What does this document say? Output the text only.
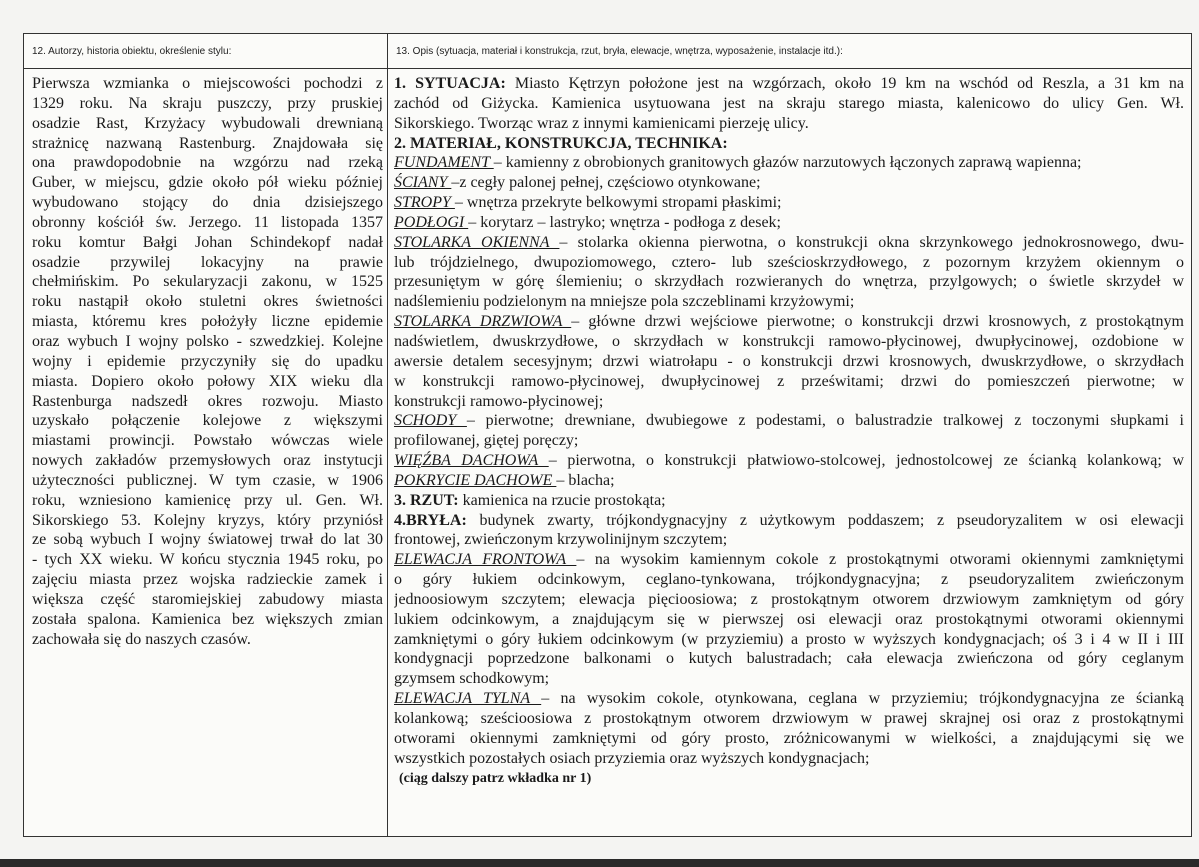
12. Autorzy, historia obiektu, określenie stylu:	13. Opis (sytuacja, materiał i konstrukcja, rzut, bryła, elewacje, wnętrza, wyposażenie, instalacje itd.):
Pierwsza wzmianka o miejscowości pochodzi z
1329 roku. Na skraju puszczy, przy pruskiej
osadzie Rast, Krzyżacy wybudowali drewnianą
strażnicę nazwaną Rastenburg. Znajdowała się
ona prawdopodobnie na wzgórzu nad rzeką
Guber, w miejscu, gdzie około pół wieku później
wybudowano stojący do dnia dzisiejszego
obronny kościół św. Jerzego. 11 listopada 1357
roku komtur Bałgi Johan Schindekopf nadał
osadzie przywilej lokacyjny na prawie
chełmińskim. Po sekularyzacji zakonu, w 1525
roku nastąpił około stuletni okres świetności
miasta, któremu kres położyły liczne epidemie
oraz wybuch I wojny polsko - szwedzkiej. Kolejne
wojny i epidemie przyczyniły się do upadku
miasta. Dopiero około połowy XIX wieku dla
Rastenburga nadszedł okres rozwoju. Miasto
uzyskało połączenie kolejowe z większymi
miastami prowincji. Powstało wówczas wiele
nowych zakładów przemysłowych oraz instytucji
użyteczności publicznej. W tym czasie, w 1906
roku, wzniesiono kamienicę przy ul. Gen. Wł.
Sikorskiego 53. Kolejny kryzys, który przyniósł
ze sobą wybuch I wojny światowej trwał do lat 30
- tych XX wieku. W końcu stycznia 1945 roku, po
zajęciu miasta przez wojska radzieckie zamek i
większa część staromiejskiej zabudowy miasta
została spalona. Kamienica bez większych zmian
zachowała się do naszych czasów.
1. SYTUACJA: Miasto Kętrzyn położone jest na wzgórzach, około 19 km na wschód od Reszla, a 31 km na
zachód od Giżycka. Kamienica usytuowana jest na skraju starego miasta, kalenicowo do ulicy Gen. Wł.
Sikorskiego. Tworząc wraz z innymi kamienicami pierzeję ulicy.
2. MATERIAŁ, KONSTRUKCJA, TECHNIKA:
FUNDAMENT – kamienny z obrobionych granitowych głazów narzutowych łączonych zaprawą wapienna;
ŚCIANY –z cegły palonej pełnej, częściowo otynkowane;
STROPY – wnętrza przekryte belkowymi stropami płaskimi;
PODŁOGI – korytarz – lastryko; wnętrza - podłoga z desek;
STOLARKA OKIENNA – stolarka okienna pierwotna, o konstrukcji okna skrzynkowego jednokrosnowego, dwu-
lub trójdzielnego, dwupoziomowego, cztero- lub sześcioskrzydłowego, z pozornym krzyżem okiennym o
przesuniętym w górę ślemieniu; o skrzydłach rozwieranych do wnętrza, przylgowych; o świetle skrzydeł w
nadślemieniu podzielonym na mniejsze pola szczeblinami krzyżowymi;
STOLARKA DRZWIOWA – główne drzwi wejściowe pierwotne; o konstrukcji drzwi krosnowych, z prostokątnym
nadświetlem, dwuskrzydłowe, o skrzydłach w konstrukcji ramowo-płycinowej, dwupłycinowej, ozdobione w
awersie detalem secesyjnym; drzwi wiatrołapu - o konstrukcji drzwi krosnowych, dwuskrzydłowe, o skrzydłach
w konstrukcji ramowo-płycinowej, dwupłycinowej z prześwitami; drzwi do pomieszczeń pierwotne; w
konstrukcji ramowo-płycinowej;
SCHODY – pierwotne; drewniane, dwubiegowe z podestami, o balustradzie tralkowej z toczonymi słupkami i
profilowanej, giętej poręczy;
WIĘŹBA DACHOWA – pierwotna, o konstrukcji płatwiowo-stolcowej, jednostolcowej ze ścianką kolankową; w
POKRYCIE DACHOWE – blacha;
3. RZUT: kamienica na rzucie prostokąta;
4.BRYŁA: budynek zwarty, trójkondygnacyjny z użytkowym poddaszem; z pseudoryzalitem w osi elewacji
frontowej, zwieńczonym krzywolinijnym szczytem;
ELEWACJA FRONTOWA – na wysokim kamiennym cokole z prostokątnymi otworami okiennymi zamkniętymi
o góry łukiem odcinkowym, ceglano-tynkowana, trójkondygnacyjna; z pseudoryzalitem zwieńczonym
jednoosiowym szczytem; elewacja pięcioosiowa; z prostokątnym otworem drzwiowym zamkniętym od góry
lukiem odcinkowym, a znajdującym się w pierwszej osi elewacji oraz prostokątnymi otworami okiennymi
zamkniętymi o góry łukiem odcinkowym (w przyziemiu) a prosto w wyższych kondygnacjach; oś 3 i 4 w II i III
kondygnacji poprzedzone balkonami o kutych balustradach; cała elewacja zwieńczona od góry ceglanym
gzymsem schodkowym;
ELEWACJA TYLNA – na wysokim cokole, otynkowana, ceglana w przyziemiu; trójkondygnacyjna ze ścianką
kolankową; sześcioosiowa z prostokątnym otworem drzwiowym w prawej skrajnej osi oraz z prostokątnymi
otworami okiennymi zamkniętymi od góry prosto, zróżnicowanymi w wielkości, a znajdującymi się we
wszystkich pozostałych osiach przyziemia oraz wyższych kondygnacjach;
(ciąg dalszy patrz wkładka nr 1)
